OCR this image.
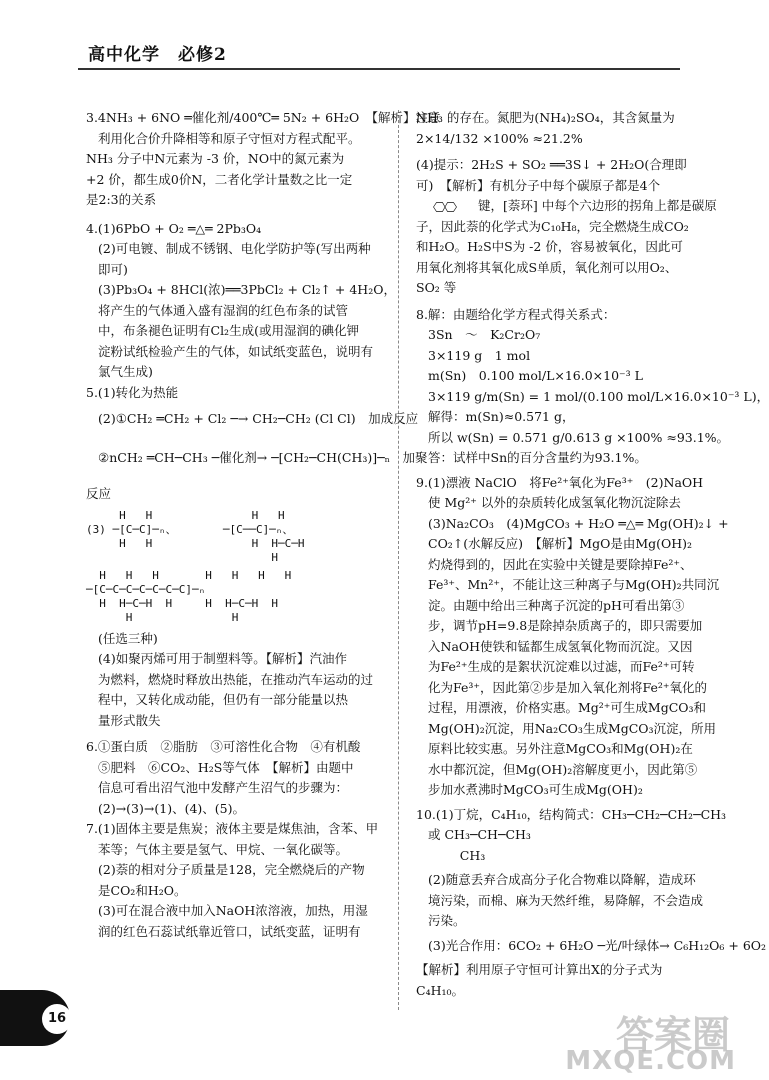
高中化学　必修2
3.4NH₃ + 6NO ═催化剂/400℃═ 5N₂ + 6H₂O　【解析】注意
利用化合价升降相等和原子守恒对方程式配平。
NH₃ 分子中N元素为 -3 价，NO中的氮元素为
+2 价，都生成0价N，二者化学计量数之比一定
是2:3的关系
4.(1)6PbO + O₂ ═△═ 2Pb₃O₄
(2)可电镀、制成不锈钢、电化学防护等(写出两种
即可)
(3)Pb₃O₄ + 8HCl(浓)══3PbCl₂ + Cl₂↑ + 4H₂O，
将产生的气体通入盛有湿润的红色布条的试管
中，布条褪色证明有Cl₂生成(或用湿润的碘化钾
淀粉试纸检验产生的气体，如试纸变蓝色，说明有
氯气生成)
5.(1)转化为热能
(2)①CH₂ ═CH₂ + Cl₂ ─→ CH₂─CH₂ (Cl Cl)　加成反应
②nCH₂ ═CH─CH₃ ─催化剂→ ─[CH₂─CH(CH₃)]─ₙ　加聚
反应
H   H               H   H
(3) ─[C─C]─ₙ、       ─[C──C]─ₙ、
H   H               H  H─C─H
H
H   H   H       H   H   H   H
─[C─C─C─C─C─C─C]─ₙ
H  H─C─H  H     H  H─C─H  H
H               H
(任选三种)
(4)如聚丙烯可用于制塑料等。【解析】汽油作
为燃料，燃烧时释放出热能，在推动汽车运动的过
程中，又转化成动能，但仍有一部分能量以热
量形式散失
6.①蛋白质　②脂肪　③可溶性化合物　④有机酸
⑤肥料　⑥CO₂、H₂S等气体　【解析】由题中
信息可看出沼气池中发酵产生沼气的步骤为：
(2)→(3)→(1)、(4)、(5)。
7.(1)固体主要是焦炭；液体主要是煤焦油，含苯、甲
苯等；气体主要是氢气、甲烷、一氧化碳等。
(2)萘的相对分子质量是128，完全燃烧后的产物
是CO₂和H₂O。
(3)可在混合液中加入NaOH浓溶液，加热，用湿
润的红色石蕊试纸靠近管口，试纸变蓝，证明有
NH₃ 的存在。氮肥为(NH₄)₂SO₄，其含氮量为
2×14/132 ×100% ≈21.2%
(4)提示：2H₂S + SO₂ ══3S↓ + 2H₂O(合理即
可)　【解析】有机分子中每个碳原子都是4个
键，[萘环] 中每个六边形的拐角上都是碳原
子，因此萘的化学式为C₁₀H₈，完全燃烧生成CO₂
和H₂O。H₂S中S为 -2 价，容易被氧化，因此可
用氧化剂将其氧化成S单质，氧化剂可以用O₂、
SO₂ 等
8.解：由题给化学方程式得关系式：
3Sn　～　K₂Cr₂O₇
3×119 g　1 mol
m(Sn)　0.100 mol/L×16.0×10⁻³ L
3×119 g/m(Sn) = 1 mol/(0.100 mol/L×16.0×10⁻³ L)，
解得：m(Sn)≈0.571 g，
所以 w(Sn) = 0.571 g/0.613 g ×100% ≈93.1%。
答：试样中Sn的百分含量约为93.1%。
9.(1)漂液 NaClO　将Fe²⁺氧化为Fe³⁺　(2)NaOH
使 Mg²⁺ 以外的杂质转化成氢氧化物沉淀除去
(3)Na₂CO₃　(4)MgCO₃ + H₂O ═△═ Mg(OH)₂↓ +
CO₂↑(水解反应)　【解析】MgO是由Mg(OH)₂
灼烧得到的，因此在实验中关键是要除掉Fe²⁺、
Fe³⁺、Mn²⁺，不能让这三种离子与Mg(OH)₂共同沉
淀。由题中给出三种离子沉淀的pH可看出第③
步，调节pH=9.8是除掉杂质离子的，即只需要加
入NaOH使铁和锰都生成氢氧化物而沉淀。又因
为Fe²⁺生成的是絮状沉淀难以过滤，而Fe²⁺可转
化为Fe³⁺，因此第②步是加入氧化剂将Fe²⁺氧化的
过程，用漂液，价格实惠。Mg²⁺可生成MgCO₃和
Mg(OH)₂沉淀，用Na₂CO₃生成MgCO₃沉淀，所用
原料比较实惠。另外注意MgCO₃和Mg(OH)₂在
水中都沉淀，但Mg(OH)₂溶解度更小，因此第⑤
步加水煮沸时MgCO₃可生成Mg(OH)₂
10.(1)丁烷，C₄H₁₀，结构简式：CH₃─CH₂─CH₂─CH₃
或 CH₃─CH─CH₃
CH₃
(2)随意丢弃合成高分子化合物难以降解，造成环
境污染，而棉、麻为天然纤维，易降解，不会造成
污染。
(3)光合作用：6CO₂ + 6H₂O ─光/叶绿体→ C₆H₁₂O₆ + 6O₂
【解析】利用原子守恒可计算出X的分子式为
C₄H₁₀。
16	答案圈
MXQE.COM
